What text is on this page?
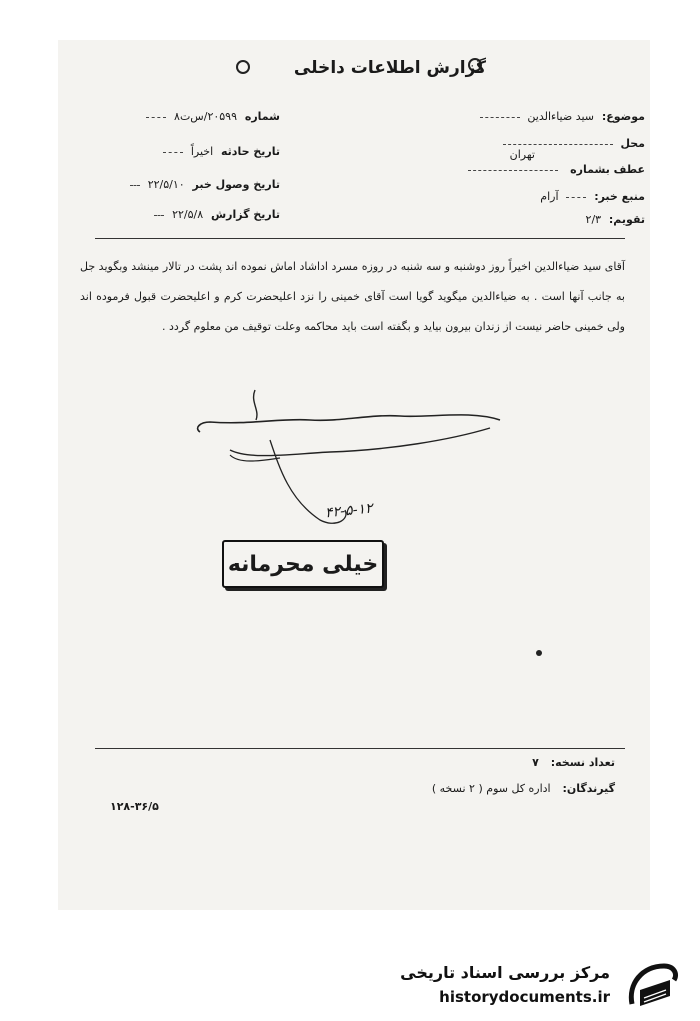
گزارش اطلاعات داخلی
موضوع: سید ضیاءالدین
محل
تهران
عطف بشماره
منبع خبر:  آرام
تقویم: ۲/۳
شماره ۲۰۵۹۹/س‌ت‌۸
تاریخ حادثه اخیراً
تاریخ وصول خبر ۲۲/۵/۱۰
تاریخ گزارش ۲۲/۵/۸
آقای سید ضیاءالدین اخیراً روز دوشنبه و سه شنبه در روزه مسرد اداشاد اماش نموده اند پشت در تالار مینشد وبگوید جل به جانب آنها است . به ضیاءالدین میگوید گویا است آقای خمینی را نزد اعلیحضرت کرم و اعلیحضرت قبول فرموده اند ولی خمینی حاضر نیست از زندان بیرون بیاید و بگفته است باید محاکمه وعلت توقیف من معلوم گردد .
۴۲-۵-۱۲
خیلی محرمانه
تعداد نسخه: ۷
گیرندگان: اداره کل سوم ( ۲ نسخه )
۱۲۸-۳۶/۵
مرکز بررسی اسناد تاریخی
historydocuments.ir
